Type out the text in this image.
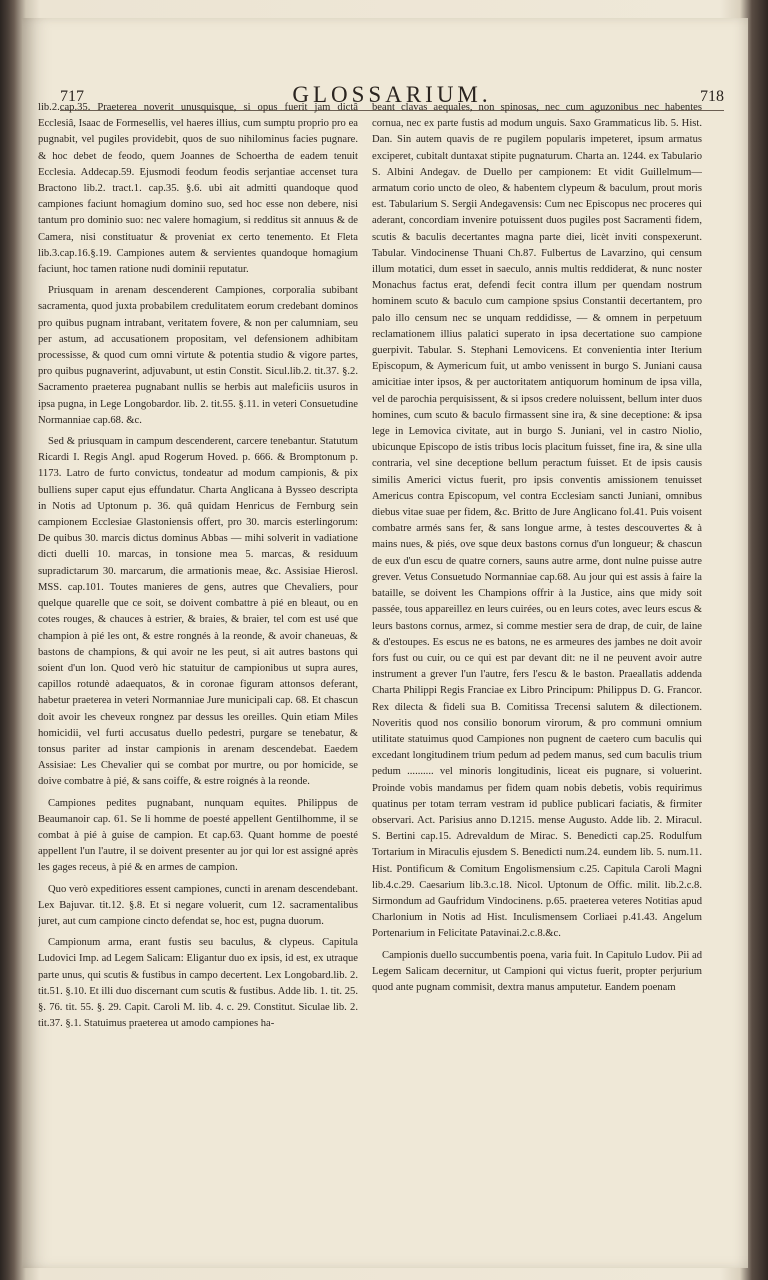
717	GLOSSARIUM.	718

lib.2.cap.35. Praeterea noverit unusquisque, si opus fuerit jam dictâ Ecclesiâ, Isaac de Formesellis, vel haeres illius, cum sumptu proprio pro ea pugnabit, vel pugiles providebit, quos de suo nihilominus facies pugnare. & hoc debet de feodo, quem Joannes de Schoertha de eadem tenuit Ecclesia. Addecap.59. Ejusmodi feodum feodis serjantiae accenset tura Bractono lib.2. tract.1. cap.35. §.6. ubi ait admitti quandoque quod campiones faciunt homagium domino suo, sed hoc esse non debere, nisi tantum pro dominio suo: nec valere homagium, si redditus sit annuus & de Camera, nisi constituatur & proveniat ex certo tenemento. Et Fleta lib.3.cap.16.§.19. Campiones autem & servientes quandoque homagium faciunt, hoc tamen ratione nudi dominii reputatur.

Priusquam in arenam descenderent Campiones, corporalia subibant sacramenta, quod juxta probabilem credulitatem eorum credebant dominos pro quibus pugnam intrabant, veritatem fovere, & non per calumniam, seu per astum, ad accusationem propositam, vel defensionem adhibitam processisse, & quod cum omni virtute & potentia studio & vigore partes, pro quibus pugnaverint, adjuvabunt, ut estin Constit. Sicul.lib.2. tit.37. §.2. Sacramento praeterea pugnabant nullis se herbis aut maleficiis usuros in ipsa pugna, in Lege Longobardor. lib. 2. tit.55. §.11. in veteri Consuetudine Normanniae cap.68. &c.

Sed & priusquam in campum descenderent, carcere tenebantur. Statutum Ricardi I. Regis Angl. apud Rogerum Hoved. p. 666. & Bromptonum p. 1173. Latro de furto convictus, tondeatur ad modum campionis, & pix bulliens super caput ejus effundatur. Charta Anglicana à Bysseo descripta in Notis ad Uptonum p. 36. quâ quidam Henricus de Fernburg sein campionem Ecclesiae Glastoniensis offert, pro 30. marcis esterlingorum: De quibus 30. marcis dictus dominus Abbas — mihi solverit in vadiatione dicti duelli 10. marcas, in tonsione mea 5. marcas, & residuum supradictarum 30. marcarum, die armationis meae, &c. Assisiae Hierosl. MSS. cap.101. Toutes manieres de gens, autres que Chevaliers, pour quelque quarelle que ce soit, se doivent combattre à pié en bleaut, ou en cotes rouges, & chauces à estrier, & braies, & braier, tel com est usé que champion à pié les ont, & estre rongnés à la reonde, & avoir chaneuas, & bastons de champions, & qui avoir ne les peut, si ait autres bastons qui soient d'un lon. Quod verò hic statuitur de campionibus ut supra aures, capillos rotundè adaequatos, & in coronae figuram attonsos deferant, habetur praeterea in veteri Normanniae Jure municipali cap. 68. Et chascun doit avoir les cheveux rongnez par dessus les oreilles. Quin etiam Miles homicidii, vel furti accusatus duello pedestri, purgare se tenebatur, & tonsus pariter ad instar campionis in arenam descendebat. Eaedem Assisiae: Les Chevalier qui se combat por murtre, ou por homicide, se doive combatre à pié, & sans coiffe, & estre roignés à la reonde.

Campiones pedites pugnabant, nunquam equites. Philippus de Beaumanoir cap. 61. Se li homme de poesté appellent Gentilhomme, il se combat à pié à guise de campion. Et cap.63. Quant homme de poesté appellent l'un l'autre, il se doivent presenter au jor qui lor est assigné après les gages receus, à pié & en armes de campion.

Quo verò expeditiores essent campiones, cuncti in arenam descendebant. Lex Bajuvar. tit.12. §.8. Et si negare voluerit, cum 12. sacramentalibus juret, aut cum campione cincto defendat se, hoc est, pugna duorum.

Campionum arma, erant fustis seu baculus, & clypeus. Capitula Ludovici Imp. ad Legem Salicam: Eligantur duo ex ipsis, id est, ex utraque parte unus, qui scutis & fustibus in campo decertent. Lex Longobard.lib. 2. tit.51. §.10. Et illi duo discernant cum scutis & fustibus. Adde lib. 1. tit. 25. §. 76. tit. 55. §. 29. Capit. Caroli M. lib. 4. c. 29. Constitut. Siculae lib. 2. tit.37. §.1. Statuimus praeterea ut amodo campiones ha-

beant clavas aequales, non spinosas, nec cum aguzonibus nec habentes cornua, nec ex parte fustis ad modum unguis. Saxo Grammaticus lib. 5. Hist. Dan. Sin autem quavis de re pugilem popularis impeteret, ipsum armatus exciperet, cubitalt duntaxat stipite pugnaturum. Charta an. 1244. ex Tabulario S. Albini Andegav. de Duello per campionem: Et vidit Guillelmum—armatum corio uncto de oleo, & habentem clypeum & baculum, prout moris est. Tabularium S. Sergii Andegavensis: Cum nec Episcopus nec proceres qui aderant, concordiam invenire potuissent duos pugiles post Sacramenti fidem, scutis & baculis decertantes magna parte diei, licèt inviti conspexerunt. Tabular. Vindocinense Thuani Ch.87. Fulbertus de Lavarzino, qui censum illum motatici, dum esset in saeculo, annis multis reddiderat, & nunc noster Monachus factus erat, defendi fecit contra illum per quendam nostrum hominem scuto & baculo cum campione spsius Constantii decertantem, pro palo illo censum nec se unquam reddidisse, — & omnem in perpetuum reclamationem illius palatici superato in ipsa decertatione suo campione guerpivit. Tabular. S. Stephani Lemovicens. Et convenientia inter Iterium Episcopum, & Aymericum fuit, ut ambo venissent in burgo S. Juniani causa amicitiae inter ipsos, & per auctoritatem antiquorum hominum de ipsa villa, vel de parochia perquisissent, & si ipsos credere noluissent, bellum inter duos homines, cum scuto & baculo firmassent sine ira, & sine deceptione: & ipsa lege in Lemovica civitate, aut in burgo S. Juniani, vel in castro Niolio, ubicunque Episcopo de istis tribus locis placitum fuisset, fine ira, & sine ulla contraria, vel sine deceptione bellum peractum fuisset. Et de ipsis causis similis Americi victus fuerit, pro ipsis conventis amissionem tenuisset Americus contra Episcopum, vel contra Ecclesiam sancti Juniani, omnibus diebus vitae suae per fidem, &c. Britto de Jure Anglicano fol.41. Puis voisent combatre armés sans fer, & sans longue arme, à testes descouvertes & à mains nues, & piés, ove sque deux bastons cornus d'un longueur; & chascun de eux d'un escu de quatre corners, sauns autre arme, dont nulne puisse autre grever. Vetus Consuetudo Normanniae cap.68. Au jour qui est assis à faire la bataille, se doivent les Champions offrir à la Justice, ains que midy soit passée, tous appareillez en leurs cuirées, ou en leurs cotes, avec leurs escus & leurs bastons cornus, armez, si comme mestier sera de drap, de cuir, de laine & d'estoupes. Es escus ne es batons, ne es armeures des jambes ne doit avoir fors fust ou cuir, ou ce qui est par devant dit: ne il ne peuvent avoir autre instrument a grever l'un l'autre, fers l'escu & le baston. Praeallatis addenda Charta Philippi Regis Franciae ex Libro Principum: Philippus D. G. Francor. Rex dilecta & fideli sua B. Comitissa Trecensi salutem & dilectionem. Noveritis quod nos consilio bonorum virorum, & pro communi omnium utilitate statuimus quod Campiones non pugnent de caetero cum baculis qui excedant longitudinem trium pedum ad pedem manus, sed cum baculis trium pedum .......... vel minoris longitudinis, liceat eis pugnare, si voluerint. Proinde vobis mandamus per fidem quam nobis debetis, vobis requirimus quatinus per totam terram vestram id publice publicari faciatis, & firmiter observari. Act. Parisius anno D.1215. mense Augusto. Adde lib. 2. Miracul. S. Bertini cap.15. Adrevaldum de Mirac. S. Benedicti cap.25. Rodulfum Tortarium in Miraculis ejusdem S. Benedicti num.24. eundem lib. 5. num.11. Hist. Pontificum & Comitum Engolismensium c.25. Capitula Caroli Magni lib.4.c.29. Caesarium lib.3.c.18. Nicol. Uptonum de Offic. milit. lib.2.c.8. Sirmondum ad Gaufridum Vindocinens. p.65. praeterea veteres Notitias apud Charlonium in Notis ad Hist. Inculismensem Corliaei p.41.43. Angelum Portenarium in Felicitate Patavinai.2.c.8.&c.

Campionis duello succumbentis poena, varia fuit. In Capitulo Ludov. Pii ad Legem Salicam decernitur, ut Campioni qui victus fuerit, propter perjurium quod ante pugnam commisit, dextra manus amputetur. Eandem poenam
